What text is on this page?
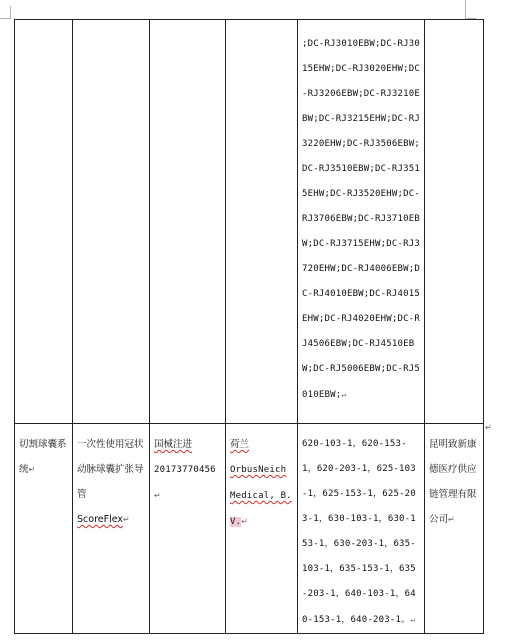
				;DC-RJ3010EBW;DC-RJ3015EHW;DC-RJ3020EHW;DC-RJ3206EBW;DC-RJ3210EBW;DC-RJ3215EHW;DC-RJ3220EHW;DC-RJ3506EBW;DC-RJ3510EBW;DC-RJ3515EHW;DC-RJ3520EHW;DC-RJ3706EBW;DC-RJ3710EBW;DC-RJ3715EHW;DC-RJ3720EHW;DC-RJ4006EBW;DC-RJ4010EBW;DC-RJ4015EHW;DC-RJ4020EHW;DC-RJ4506EBW;DC-RJ4510EBW;DC-RJ5006EBW;DC-RJ5010EBW;↵	
切割球囊系统↵	一次性使用冠状动脉球囊扩张导管
ScoreFlex↵	国械注进
20173770456↵	荷兰
OrbusNeich
Medical, B.
V.↵	620-103-1，620-153-1，620-203-1，625-103-1，625-153-1，625-203-1，630-103-1，630-153-1，630-203-1，635-103-1，635-153-1，635-203-1，640-103-1，640-153-1，640-203-1。↵	昆明致新康德医疗供应链管理有限公司↵
↵
